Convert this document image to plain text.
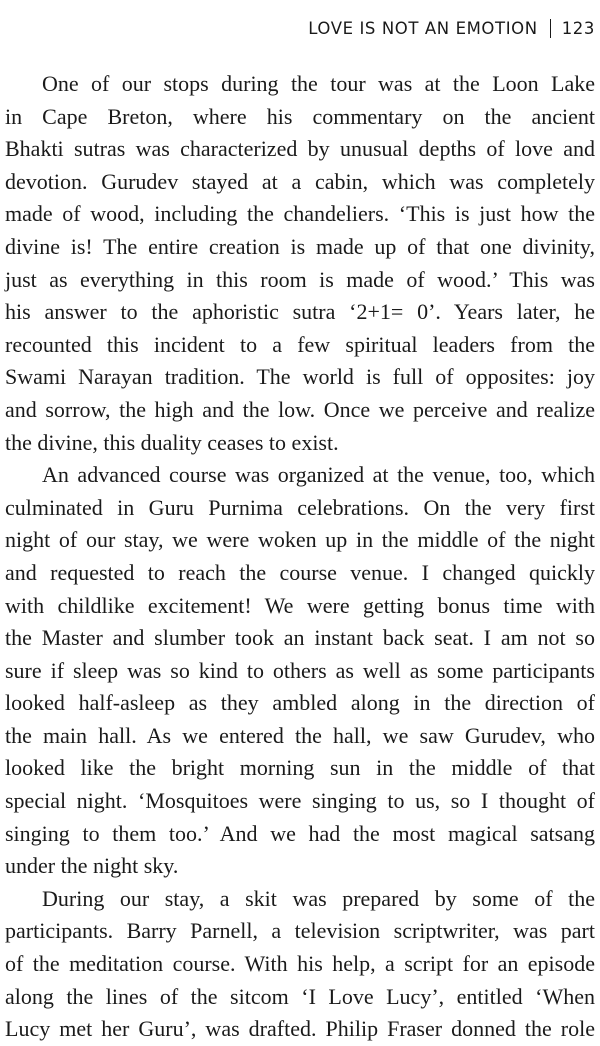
LOVE IS NOT AN EMOTION 123
One of our stops during the tour was at the Loon Lake
in Cape Breton, where his commentary on the ancient
Bhakti sutras was characterized by unusual depths of love and
devotion. Gurudev stayed at a cabin, which was completely
made of wood, including the chandeliers. ‘This is just how the
divine is! The entire creation is made up of that one divinity,
just as everything in this room is made of wood.’ This was
his answer to the aphoristic sutra ‘2+1= 0’. Years later, he
recounted this incident to a few spiritual leaders from the
Swami Narayan tradition. The world is full of opposites: joy
and sorrow, the high and the low. Once we perceive and realize
the divine, this duality ceases to exist.
An advanced course was organized at the venue, too, which
culminated in Guru Purnima celebrations. On the very first
night of our stay, we were woken up in the middle of the night
and requested to reach the course venue. I changed quickly
with childlike excitement! We were getting bonus time with
the Master and slumber took an instant back seat. I am not so
sure if sleep was so kind to others as well as some participants
looked half-asleep as they ambled along in the direction of
the main hall. As we entered the hall, we saw Gurudev, who
looked like the bright morning sun in the middle of that
special night. ‘Mosquitoes were singing to us, so I thought of
singing to them too.’ And we had the most magical satsang
under the night sky.
During our stay, a skit was prepared by some of the
participants. Barry Parnell, a television scriptwriter, was part
of the meditation course. With his help, a script for an episode
along the lines of the sitcom ‘I Love Lucy’, entitled ‘When
Lucy met her Guru’, was drafted. Philip Fraser donned the role
